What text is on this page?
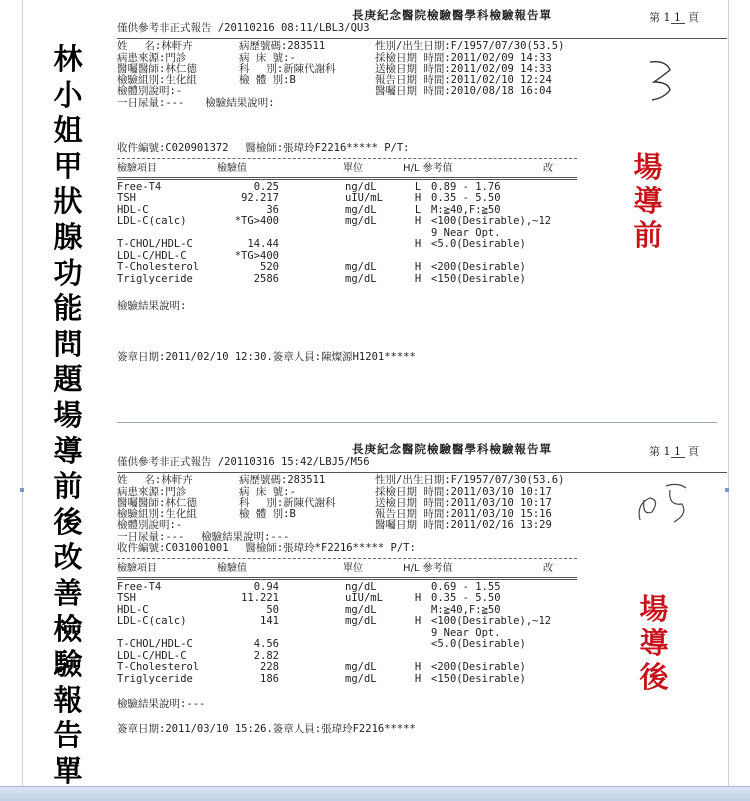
林小姐甲狀腺功能問題場導前後改善檢驗報告單
場導前
場導後
長庚紀念醫院檢驗醫學科檢驗報告單	第 1 1 頁
僅供參考非正式報告 /20110216 08:11/LBL3/QU3
姓　 名:林軒卉	病歷號碼:283511	性別/出生日期:F/1957/07/30(53.5)
病患來源:門診	病 床 號:-	採檢日期 時間:2011/02/09 14:33
醫囑醫師:林仁德	科　 別:新陳代謝科	送檢日期 時間:2011/02/09 14:33
檢驗組別:生化組	檢 體 別:B	報告日期 時間:2011/02/10 12:24
檢體別說明:-	醫囑日期 時間:2010/08/18 16:04
一日尿量:---　　檢驗結果說明:
收件編號:C020901372　 醫檢師:張瑋玲F2216***** P/T:
檢驗項目	檢驗值	單位	H/L 參考值	改
Free-T4	0.25		ng/dL	L	0.89 - 1.76
TSH	92.217		uIU/mL	H	0.35 - 5.50
HDL-C	36		mg/dL	L	M:≧40,F:≧50
LDL-C(calc)	*TG>400		mg/dL	H	<100(Desirable),~12
					9 Near Opt.
T-CHOL/HDL-C	14.44			H	<5.0(Desirable)
LDL-C/HDL-C	*TG>400				
T-Cholesterol	520		mg/dL	H	<200(Desirable)
Triglyceride	2586		mg/dL	H	<150(Desirable)
檢驗結果說明:
簽章日期:2011/02/10 12:30.簽章人員:陳燦源H1201*****
長庚紀念醫院檢驗醫學科檢驗報告單	第 1 1 頁
僅供參考非正式報告 /20110316 15:42/LBJ5/M56
姓　 名:林軒卉	病歷號碼:283511	性別/出生日期:F/1957/07/30(53.6)
病患來源:門診	病 床 號:-	採檢日期 時間:2011/03/10 10:17
醫囑醫師:林仁德	科　 別:新陳代謝科	送檢日期 時間:2011/03/10 10:17
檢驗組別:生化組	檢 體 別:B	報告日期 時間:2011/03/10 15:16
檢體別說明:-	醫囑日期 時間:2011/02/16 13:29
一日尿量:---　 檢驗結果說明:---
收件編號:C031001001　 醫檢師:張瑋玲*F2216***** P/T:
檢驗項目	檢驗值	單位	H/L 參考值	改
Free-T4	0.94		ng/dL		0.69 - 1.55
TSH	11.221		uIU/mL	H	0.35 - 5.50
HDL-C	50		mg/dL		M:≧40,F:≧50
LDL-C(calc)	141		mg/dL	H	<100(Desirable),~12
					9 Near Opt.
T-CHOL/HDL-C	4.56				<5.0(Desirable)
LDL-C/HDL-C	2.82				
T-Cholesterol	228		mg/dL	H	<200(Desirable)
Triglyceride	186		mg/dL	H	<150(Desirable)
檢驗結果說明:---
簽章日期:2011/03/10 15:26.簽章人員:張瑋玲F2216*****
